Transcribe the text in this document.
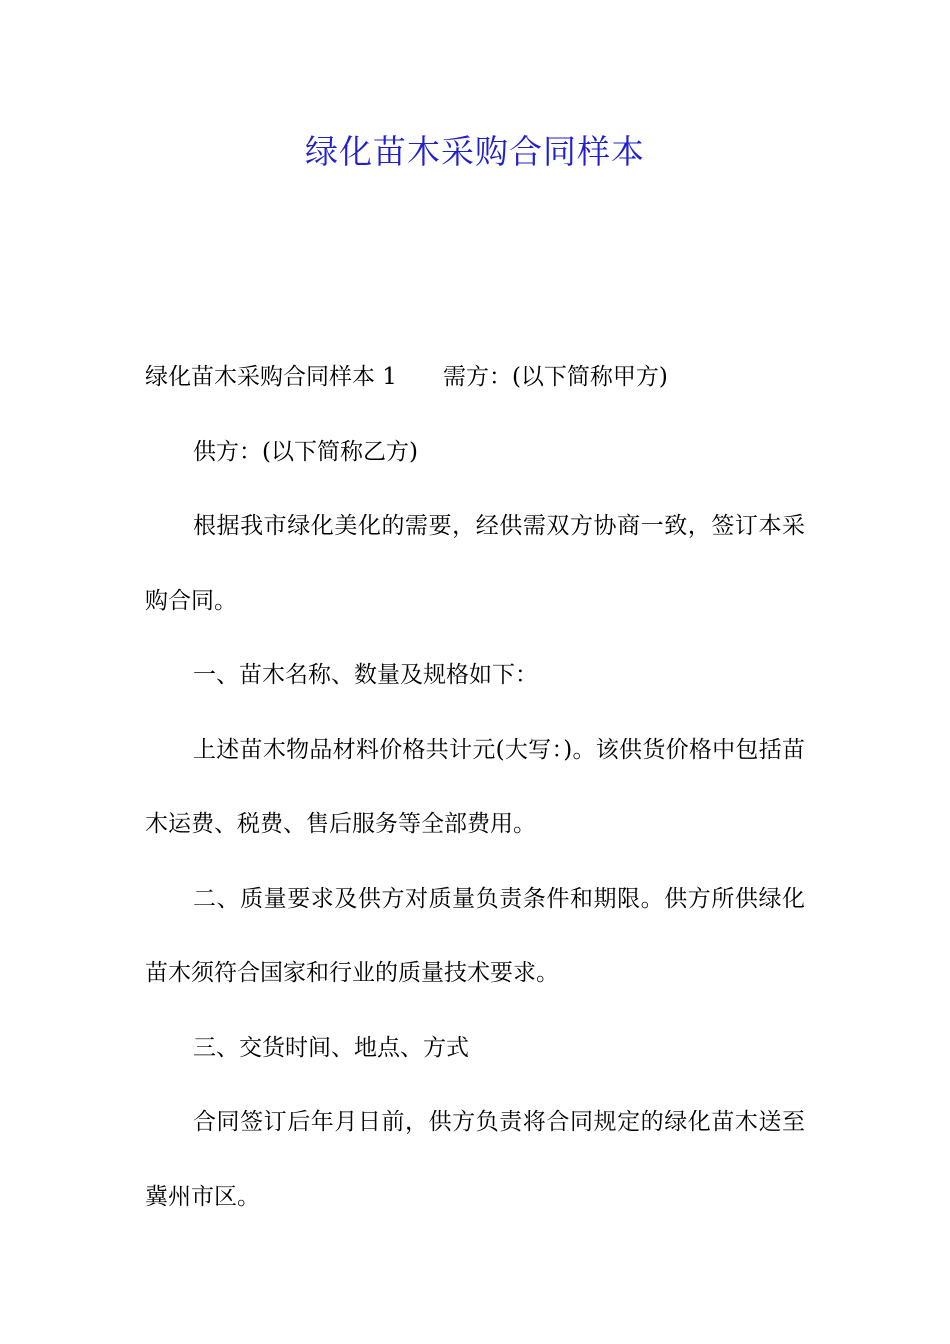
绿化苗木采购合同样本

绿化苗木采购合同样本 1 需方：(以下简称甲方)

供方：(以下简称乙方)

根据我市绿化美化的需要，经供需双方协商一致，签订本采购合同。

一、苗木名称、数量及规格如下：

上述苗木物品材料价格共计元(大写：)。该供货价格中包括苗木运费、税费、售后服务等全部费用。

二、质量要求及供方对质量负责条件和期限。供方所供绿化苗木须符合国家和行业的质量技术要求。

三、交货时间、地点、方式

合同签订后年月日前，供方负责将合同规定的绿化苗木送至冀州市区。
